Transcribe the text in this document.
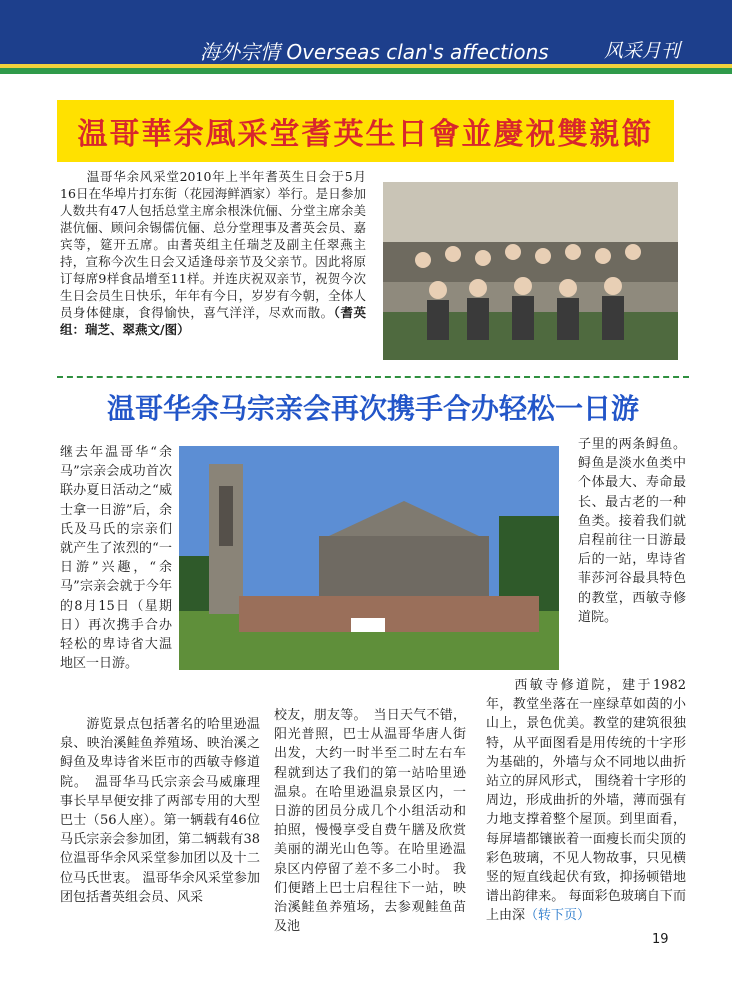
海外宗情 Overseas clan's affections	风采月刊
温哥華余風采堂耆英生日會並慶祝雙親節
温哥华余风采堂2010年上半年耆英生日会于5月16日在华埠片打东街（花园海鲜酒家）举行。是日参加人数共有47人包括总堂主席余根洙伉俪、分堂主席余美湛伉俪、顾问余锡儒伉俪、总分堂理事及耆英会员、嘉宾等，筵开五席。由耆英组主任瑞芝及副主任翠燕主持，宣称今次生日会又适逢母亲节及父亲节。因此将原订每席9样食品增至11样。并连庆祝双亲节，祝贺今次生日会员生日快乐，年年有今日，岁岁有今朝，全体人员身体健康，食得愉快，喜气洋洋，尽欢而散。（耆英组：瑞芝、翠燕文/图）
温哥华余马宗亲会再次携手合办轻松一日游
继去年温哥华“余马”宗亲会成功首次联办夏日活动之“威士拿一日游”后，余氏及马氏的宗亲们就产生了浓烈的“一日游”兴趣，“余马”宗亲会就于今年的8月15日（星期日）再次携手合办轻松的卑诗省大温地区一日游。
游览景点包括著名的哈里逊温泉、映治溪鲑鱼养殖场、映治溪之鲟鱼及卑诗省米臣市的西敏寺修道院。　温哥华马氏宗亲会马威廉理事长早早便安排了两部专用的大型巴士（56人座）。第一辆载有46位马氏宗亲会参加团，第二辆载有38位温哥华余风采堂参加团以及十二位马氏世衷。 温哥华余风采堂参加团包括耆英组会员、风采
校友，朋友等。　当日天气不错，阳光普照，巴士从温哥华唐人街出发，大约一时半至二时左右车程就到达了我们的第一站哈里逊温泉。在哈里逊温泉景区内，一日游的团员分成几个小组活动和拍照，慢慢享受自费午膳及欣赏美丽的湖光山色等。在哈里逊温泉区内停留了差不多二小时。 我们便踏上巴士启程往下一站，映治溪鲑鱼养殖场，去参观鲑鱼苗及池
子里的两条鲟鱼。鲟鱼是淡水鱼类中个体最大、寿命最长、最古老的一种鱼类。接着我们就启程前往一日游最后的一站，卑诗省菲莎河谷最具特色的教堂，西敏寺修道院。
西敏寺修道院，建于1982年，教堂坐落在一座绿草如茵的小山上，景色优美。教堂的建筑很独特，从平面图看是用传统的十字形为基础的，外墙与众不同地以曲折站立的屏风形式， 围绕着十字形的周边，形成曲折的外墙，薄而强有力地支撑着整个屋顶。到里面看，每屏墙都镶嵌着一面瘦长而尖顶的彩色玻璃，不见人物故事，只见横竖的短直线起伏有致，抑扬顿错地谱出韵律来。 每面彩色玻璃自下而上由深（转下页）
19
